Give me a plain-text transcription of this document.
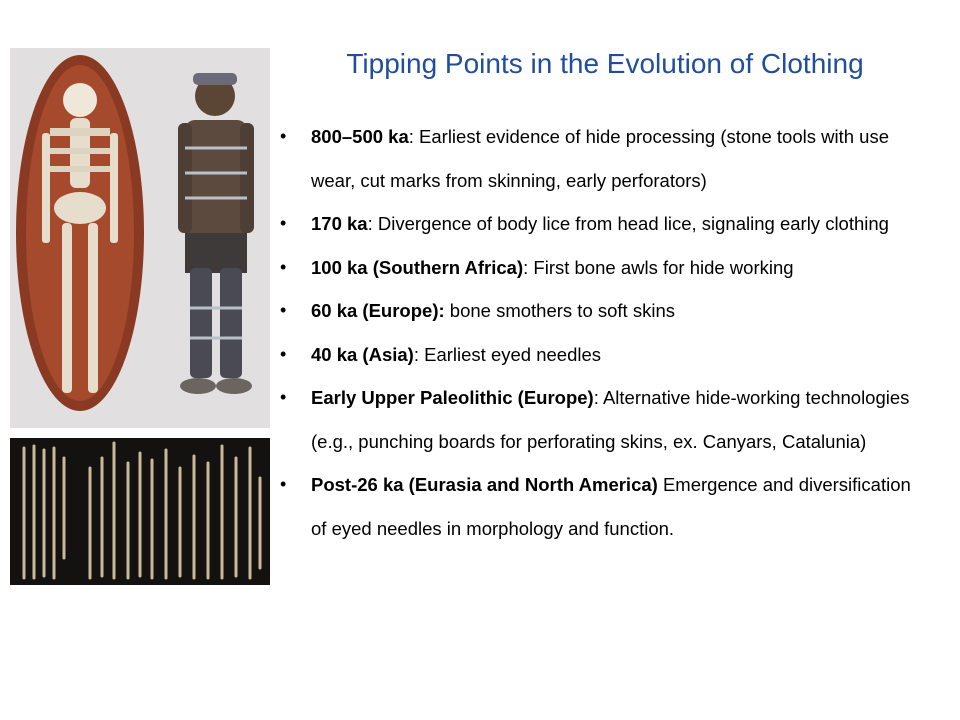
Tipping Points in the Evolution of Clothing
• 800–500 ka: Earliest evidence of hide processing (stone tools with use wear, cut marks from skinning, early perforators)
• 170 ka: Divergence of body lice from head lice, signaling early clothing
• 100 ka (Southern Africa): First bone awls for hide working
• 60 ka (Europe): bone smothers to soft skins
• 40 ka (Asia): Earliest eyed needles
• Early Upper Paleolithic (Europe): Alternative hide-working technologies (e.g., punching boards for perforating skins, ex. Canyars, Catalunia)
• Post-26 ka (Eurasia and North America) Emergence and diversification of eyed needles in morphology and function.
